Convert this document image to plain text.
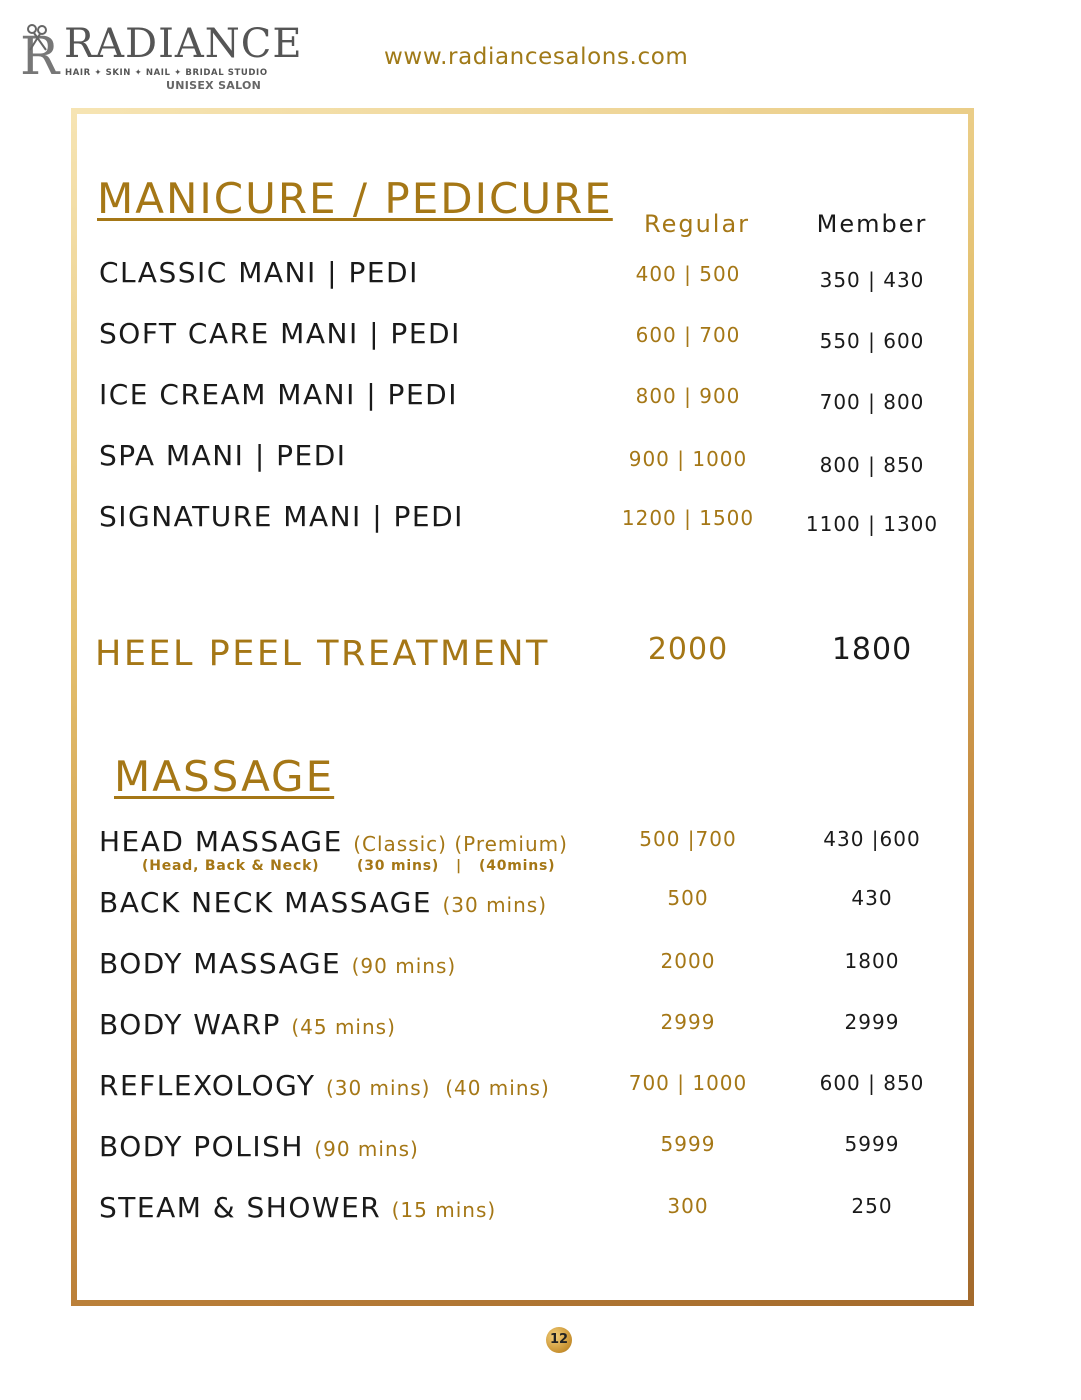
R RADIANCE
HAIR ✦ SKIN ✦ NAIL ✦ BRIDAL STUDIO
UNISEX SALON
www.radiancesalons.com
MANICURE / PEDICURE
Regular	Member
CLASSIC MANI | PEDI	400 | 500	350 | 430
SOFT CARE MANI | PEDI	600 | 700	550 | 600
ICE CREAM MANI | PEDI	800 | 900	700 | 800
SPA MANI | PEDI	900 | 1000	800 | 850
SIGNATURE MANI | PEDI	1200 | 1500	1100 | 1300
HEEL PEEL TREATMENT	2000	1800
MASSAGE
HEAD MASSAGE (Classic) (Premium)	500 |700	430 |600
(Head, Back & Neck)	(30 mins)   |   (40mins)
BACK NECK MASSAGE (30 mins)	500	430
BODY MASSAGE (90 mins)	2000	1800
BODY WARP (45 mins)	2999	2999
REFLEXOLOGY (30 mins)  (40 mins)	700 | 1000	600 | 850
BODY POLISH (90 mins)	5999	5999
STEAM & SHOWER (15 mins)	300	250
12
